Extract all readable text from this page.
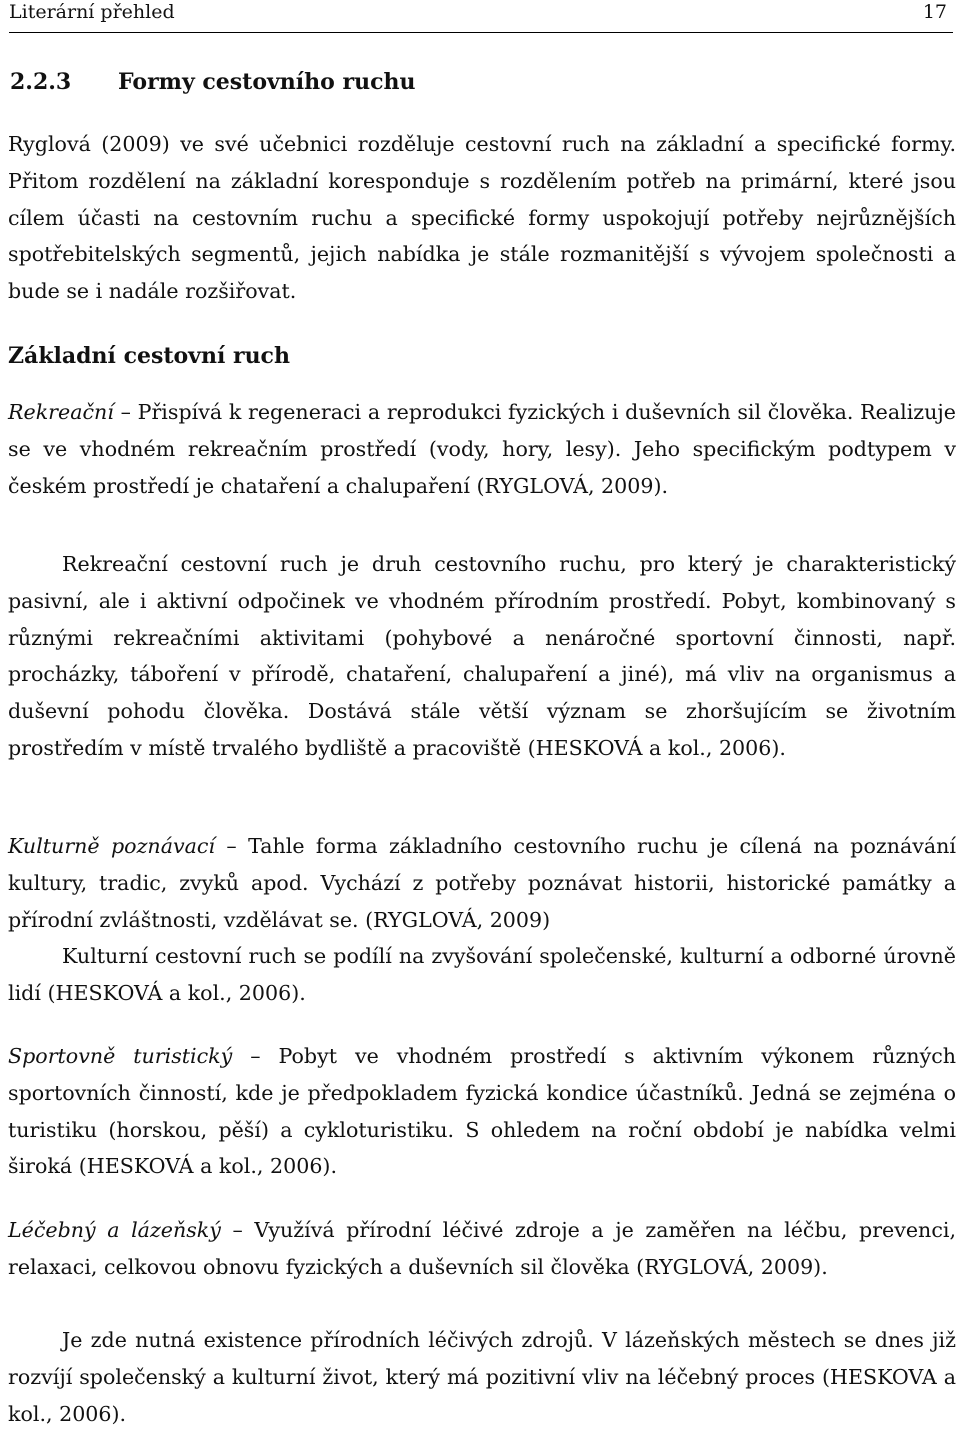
Literární přehled	17
2.2.3 Formy cestovního ruchu

Ryglová (2009) ve své učebnici rozděluje cestovní ruch na základní a specifické formy. Přitom rozdělení na základní koresponduje s rozdělením potřeb na primární, které jsou cílem účasti na cestovním ruchu a specifické formy uspokojují potřeby nejrůznějších spotřebitelských segmentů, jejich nabídka je stále rozmanitější s vývojem společnosti a bude se i nadále rozšiřovat.

Základní cestovní ruch

Rekreační – Přispívá k regeneraci a reprodukci fyzických i duševních sil člověka. Realizuje se ve vhodném rekreačním prostředí (vody, hory, lesy). Jeho specifickým podtypem v českém prostředí je chataření a chalupaření (RYGLOVÁ, 2009).

Rekreační cestovní ruch je druh cestovního ruchu, pro který je charakteristický pasivní, ale i aktivní odpočinek ve vhodném přírodním prostředí. Pobyt, kombinovaný s různými rekreačními aktivitami (pohybové a nenáročné sportovní činnosti, např. procházky, táboření v přírodě, chataření, chalupaření a jiné), má vliv na organismus a duševní pohodu člověka. Dostává stále větší význam se zhoršujícím se životním prostředím v místě trvalého bydliště a pracoviště (HESKOVÁ a kol., 2006).

Kulturně poznávací – Tahle forma základního cestovního ruchu je cílená na poznávání kultury, tradic, zvyků apod. Vychází z potřeby poznávat historii, historické památky a přírodní zvláštnosti, vzdělávat se. (RYGLOVÁ, 2009)

Kulturní cestovní ruch se podílí na zvyšování společenské, kulturní a odborné úrovně lidí (HESKOVÁ a kol., 2006).

Sportovně turistický – Pobyt ve vhodném prostředí s aktivním výkonem různých sportovních činností, kde je předpokladem fyzická kondice účastníků. Jedná se zejména o turistiku (horskou, pěší) a cykloturistiku. S ohledem na roční období je nabídka velmi široká (HESKOVÁ a kol., 2006).

Léčebný a lázeňský – Využívá přírodní léčivé zdroje a je zaměřen na léčbu, prevenci, relaxaci, celkovou obnovu fyzických a duševních sil člověka (RYGLOVÁ, 2009).

Je zde nutná existence přírodních léčivých zdrojů. V lázeňských městech se dnes již rozvíjí společenský a kulturní život, který má pozitivní vliv na léčebný proces (HESKOVA a kol., 2006).
